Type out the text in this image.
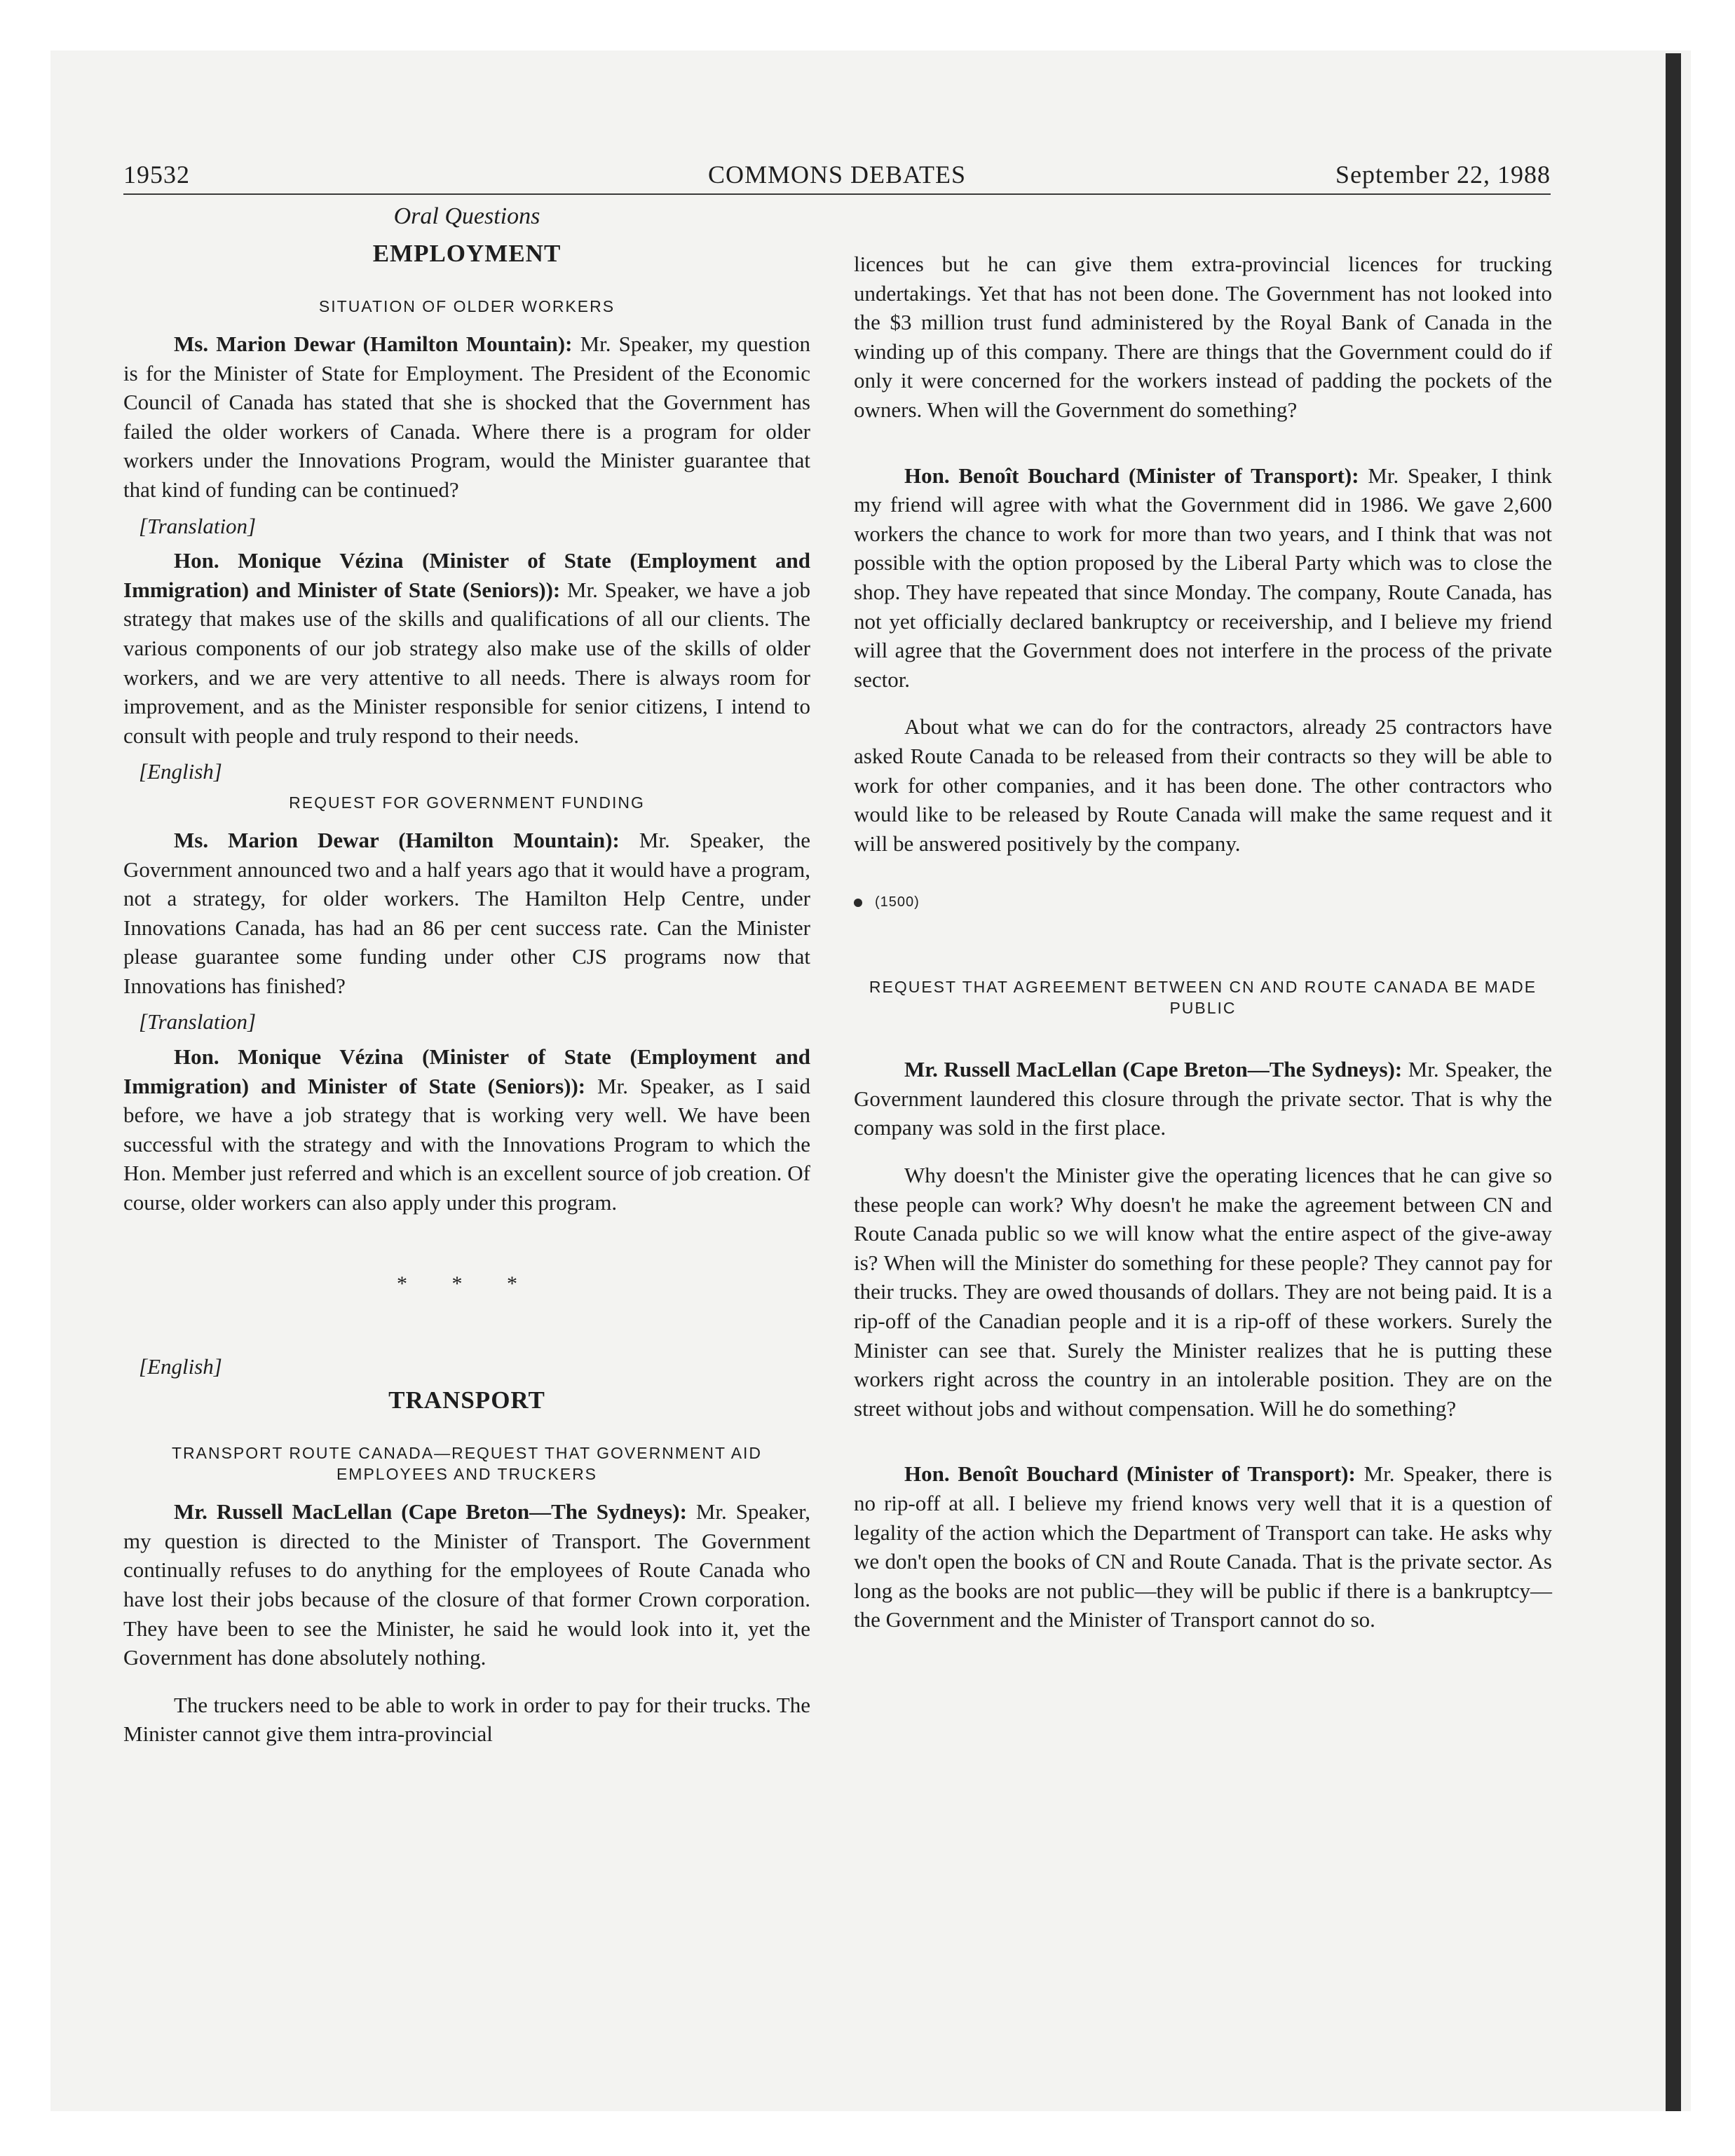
19532	COMMONS DEBATES	September 22, 1988
Oral Questions
EMPLOYMENT
SITUATION OF OLDER WORKERS

Ms. Marion Dewar (Hamilton Mountain): Mr. Speaker, my question is for the Minister of State for Employment. The President of the Economic Council of Canada has stated that she is shocked that the Government has failed the older workers of Canada. Where there is a program for older workers under the Innovations Program, would the Minister guarantee that that kind of funding can be continued?

[Translation]

Hon. Monique Vézina (Minister of State (Employment and Immigration) and Minister of State (Seniors)): Mr. Speaker, we have a job strategy that makes use of the skills and qualifications of all our clients. The various components of our job strategy also make use of the skills of older workers, and we are very attentive to all needs. There is always room for improvement, and as the Minister responsible for senior citizens, I intend to consult with people and truly respond to their needs.

[English]
REQUEST FOR GOVERNMENT FUNDING

Ms. Marion Dewar (Hamilton Mountain): Mr. Speaker, the Government announced two and a half years ago that it would have a program, not a strategy, for older workers. The Hamilton Help Centre, under Innovations Canada, has had an 86 per cent success rate. Can the Minister please guarantee some funding under other CJS programs now that Innovations has finished?

[Translation]

Hon. Monique Vézina (Minister of State (Employment and Immigration) and Minister of State (Seniors)): Mr. Speaker, as I said before, we have a job strategy that is working very well. We have been successful with the strategy and with the Innovations Program to which the Hon. Member just referred and which is an excellent source of job creation. Of course, older workers can also apply under this program.

* * *
[English]
TRANSPORT
TRANSPORT ROUTE CANADA—REQUEST THAT GOVERNMENT AID EMPLOYEES AND TRUCKERS

Mr. Russell MacLellan (Cape Breton—The Sydneys): Mr. Speaker, my question is directed to the Minister of Transport. The Government continually refuses to do anything for the employees of Route Canada who have lost their jobs because of the closure of that former Crown corporation. They have been to see the Minister, he said he would look into it, yet the Government has done absolutely nothing.

The truckers need to be able to work in order to pay for their trucks. The Minister cannot give them intra-provincial

licences but he can give them extra-provincial licences for trucking undertakings. Yet that has not been done. The Government has not looked into the $3 million trust fund administered by the Royal Bank of Canada in the winding up of this company. There are things that the Government could do if only it were concerned for the workers instead of padding the pockets of the owners. When will the Government do something?

Hon. Benoît Bouchard (Minister of Transport): Mr. Speaker, I think my friend will agree with what the Government did in 1986. We gave 2,600 workers the chance to work for more than two years, and I think that was not possible with the option proposed by the Liberal Party which was to close the shop. They have repeated that since Monday. The company, Route Canada, has not yet officially declared bankruptcy or receivership, and I believe my friend will agree that the Government does not interfere in the process of the private sector.

About what we can do for the contractors, already 25 contractors have asked Route Canada to be released from their contracts so they will be able to work for other companies, and it has been done. The other contractors who would like to be released by Route Canada will make the same request and it will be answered positively by the company.

(1500)
REQUEST THAT AGREEMENT BETWEEN CN AND ROUTE CANADA BE MADE PUBLIC

Mr. Russell MacLellan (Cape Breton—The Sydneys): Mr. Speaker, the Government laundered this closure through the private sector. That is why the company was sold in the first place.

Why doesn't the Minister give the operating licences that he can give so these people can work? Why doesn't he make the agreement between CN and Route Canada public so we will know what the entire aspect of the give-away is? When will the Minister do something for these people? They cannot pay for their trucks. They are owed thousands of dollars. They are not being paid. It is a rip-off of the Canadian people and it is a rip-off of these workers. Surely the Minister can see that. Surely the Minister realizes that he is putting these workers right across the country in an intolerable position. They are on the street without jobs and without compensation. Will he do something?

Hon. Benoît Bouchard (Minister of Transport): Mr. Speaker, there is no rip-off at all. I believe my friend knows very well that it is a question of legality of the action which the Department of Transport can take. He asks why we don't open the books of CN and Route Canada. That is the private sector. As long as the books are not public—they will be public if there is a bankruptcy—the Government and the Minister of Transport cannot do so.
